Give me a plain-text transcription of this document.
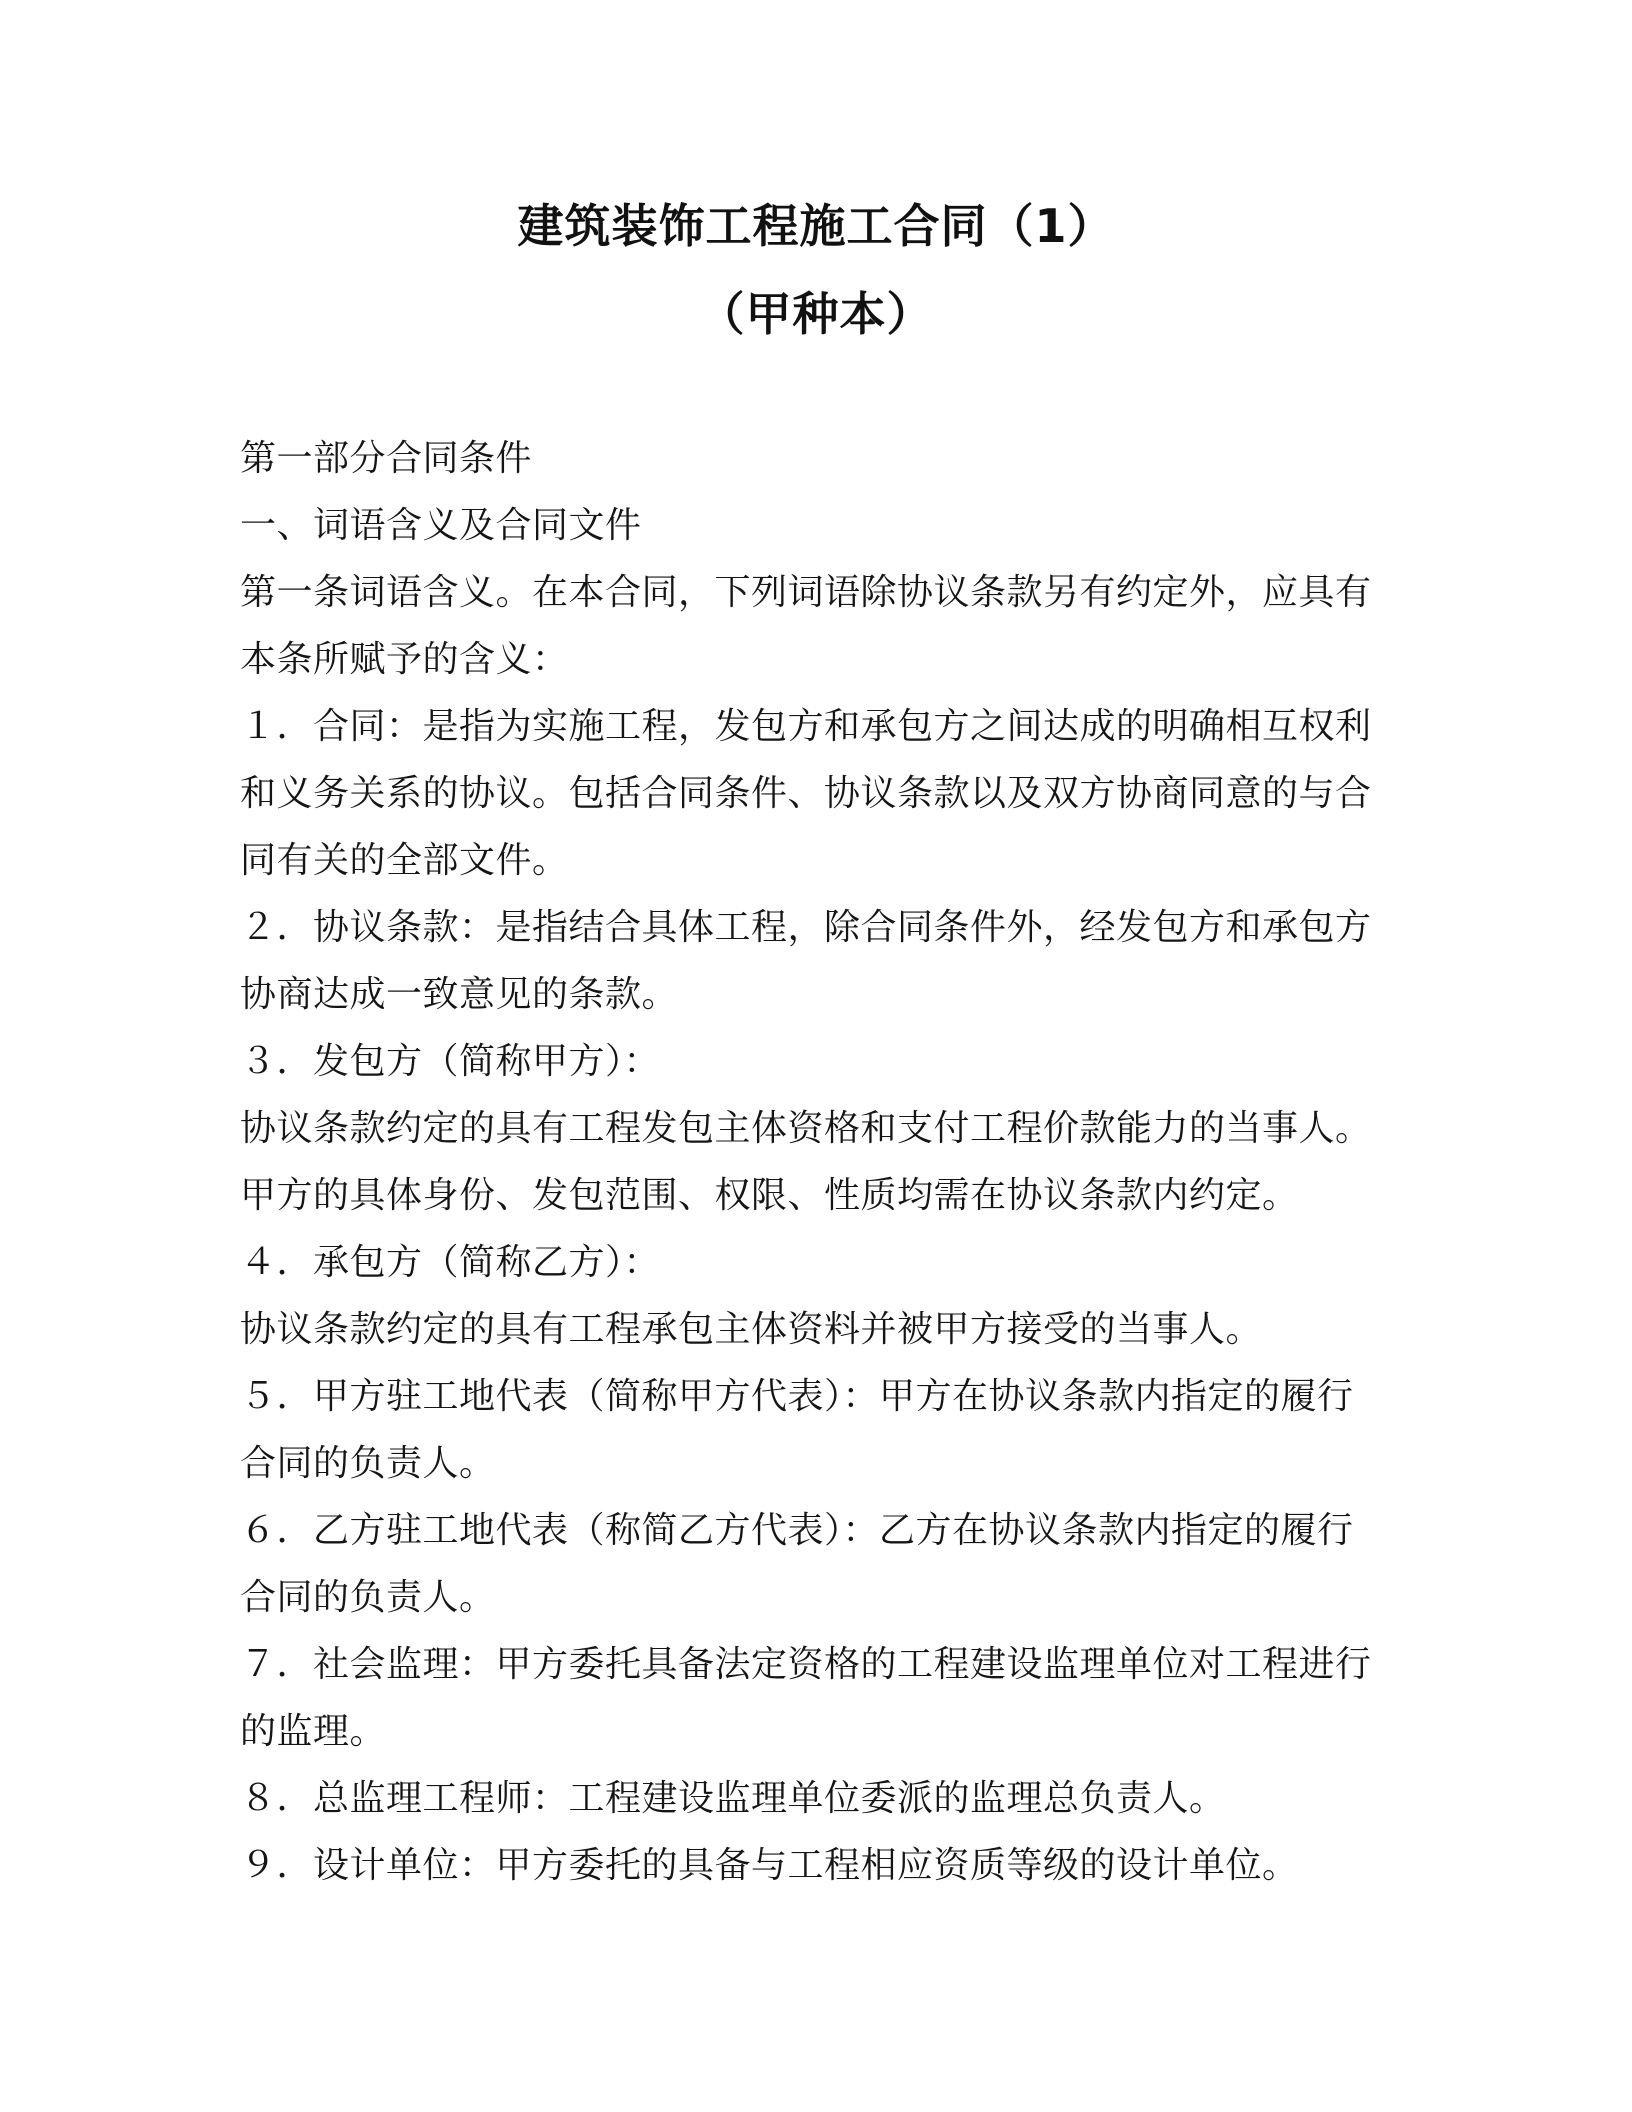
建筑装饰工程施工合同（1）
（甲种本）
第一部分合同条件
一、词语含义及合同文件
第一条词语含义。在本合同，下列词语除协议条款另有约定外，应具有
本条所赋予的含义：
１．合同：是指为实施工程，发包方和承包方之间达成的明确相互权利
和义务关系的协议。包括合同条件、协议条款以及双方协商同意的与合
同有关的全部文件。
２．协议条款：是指结合具体工程，除合同条件外，经发包方和承包方
协商达成一致意见的条款。
３．发包方（简称甲方）：
协议条款约定的具有工程发包主体资格和支付工程价款能力的当事人。
甲方的具体身份、发包范围、权限、性质均需在协议条款内约定。
４．承包方（简称乙方）：
协议条款约定的具有工程承包主体资料并被甲方接受的当事人。
５．甲方驻工地代表（简称甲方代表）：甲方在协议条款内指定的履行
合同的负责人。
６．乙方驻工地代表（称简乙方代表）：乙方在协议条款内指定的履行
合同的负责人。
７．社会监理：甲方委托具备法定资格的工程建设监理单位对工程进行
的监理。
８．总监理工程师：工程建设监理单位委派的监理总负责人。
９．设计单位：甲方委托的具备与工程相应资质等级的设计单位。
